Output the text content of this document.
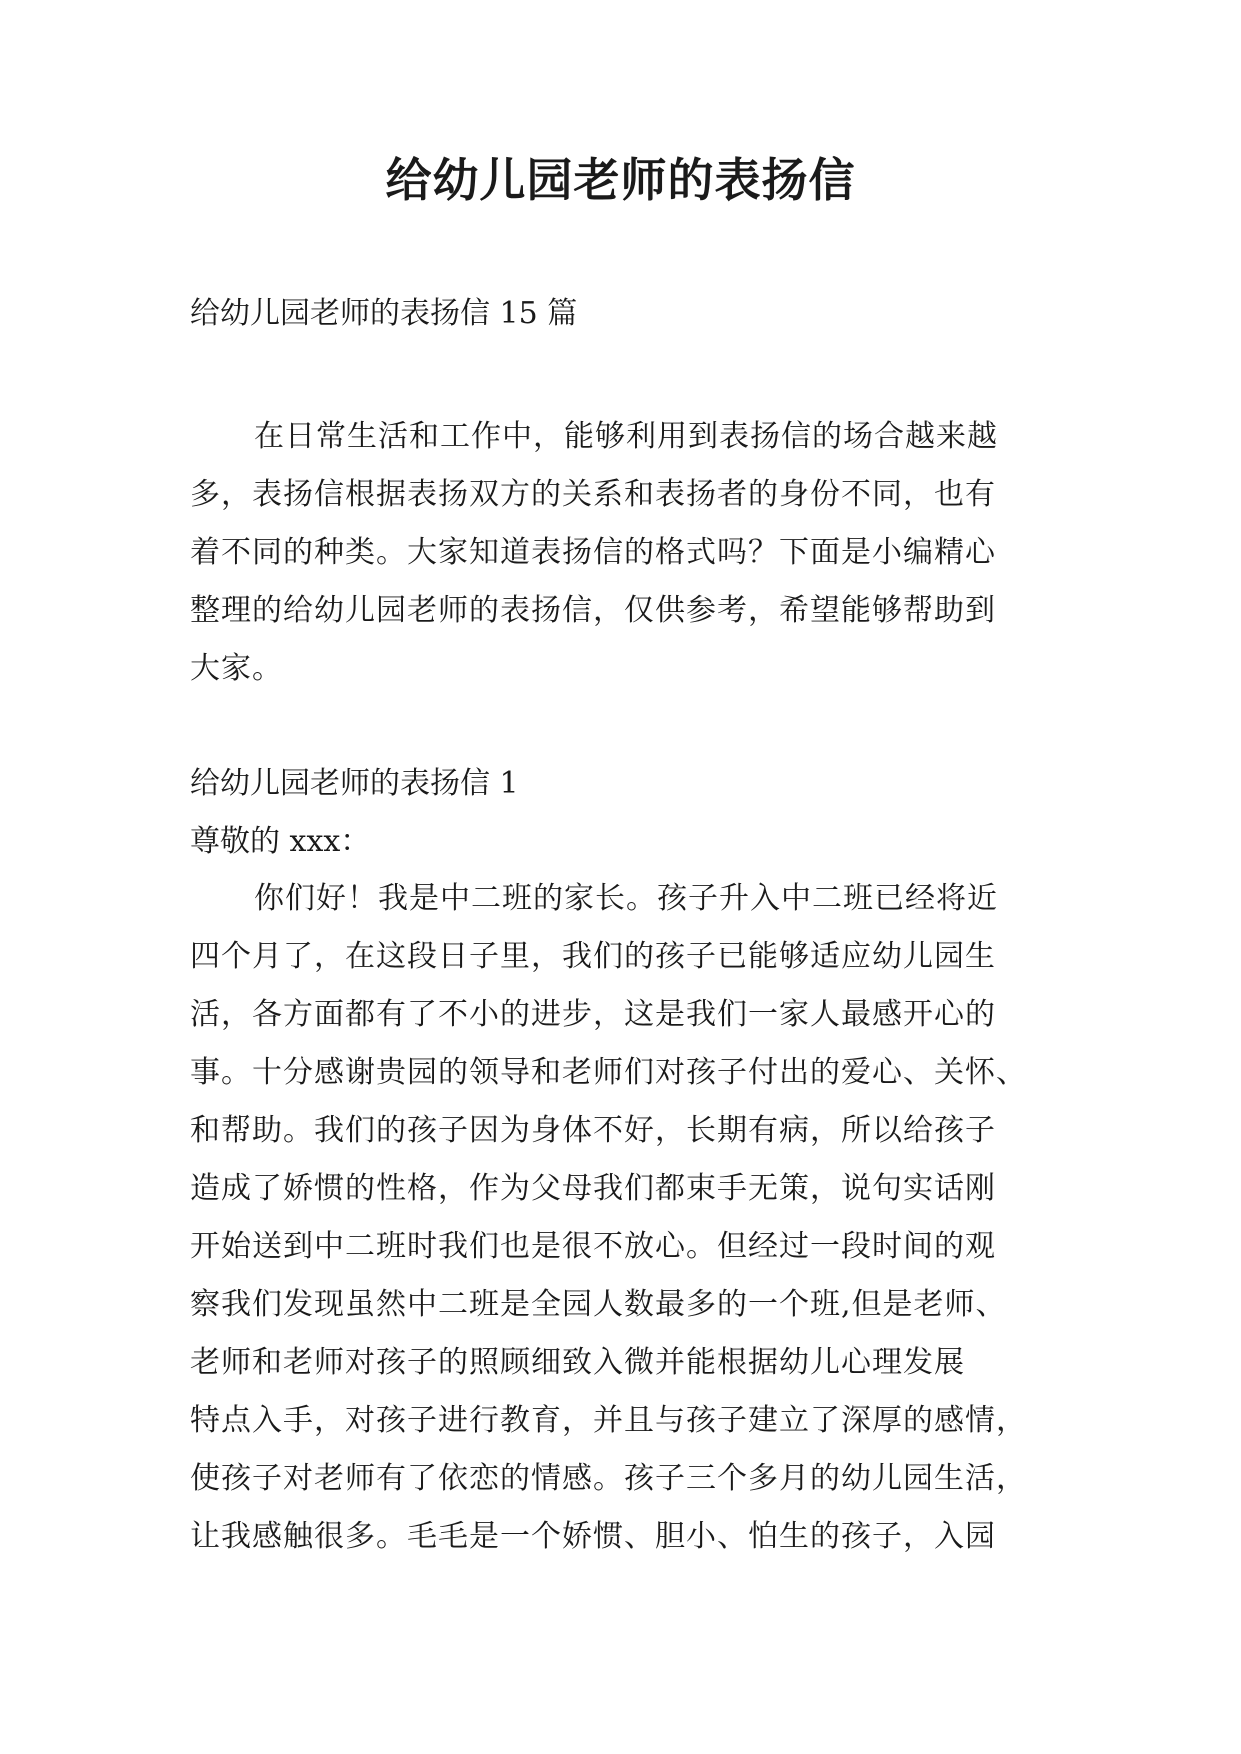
给幼儿园老师的表扬信
给幼儿园老师的表扬信 15 篇
在日常生活和工作中，能够利用到表扬信的场合越来越
多，表扬信根据表扬双方的关系和表扬者的身份不同，也有
着不同的种类。大家知道表扬信的格式吗？下面是小编精心
整理的给幼儿园老师的表扬信，仅供参考，希望能够帮助到
大家。
给幼儿园老师的表扬信 1
尊敬的 xxx：
你们好！我是中二班的家长。孩子升入中二班已经将近
四个月了，在这段日子里，我们的孩子已能够适应幼儿园生
活，各方面都有了不小的进步，这是我们一家人最感开心的
事。十分感谢贵园的领导和老师们对孩子付出的爱心、关怀、
和帮助。我们的孩子因为身体不好，长期有病，所以给孩子
造成了娇惯的性格，作为父母我们都束手无策，说句实话刚
开始送到中二班时我们也是很不放心。但经过一段时间的观
察我们发现虽然中二班是全园人数最多的一个班,但是老师、
老师和老师对孩子的照顾细致入微并能根据幼儿心理发展
特点入手，对孩子进行教育，并且与孩子建立了深厚的感情，
使孩子对老师有了依恋的情感。孩子三个多月的幼儿园生活，
让我感触很多。毛毛是一个娇惯、胆小、怕生的孩子，入园
